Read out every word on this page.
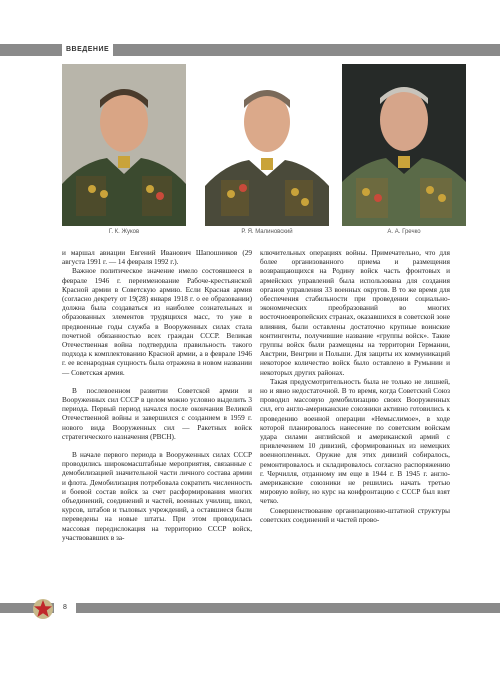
ВВЕДЕНИЕ
Г. К. Жуков	Р. Я. Малиновский	А. А. Гречко

и маршал авиации Евгений Иванович Шапошников (29 августа 1991 г. — 14 февраля 1992 г.).

Важное политическое значение имело состоявшееся в феврале 1946 г. переименование Рабоче-крестьянской Красной армии в Советскую армию. Если Красная армия (согласно декрету от 19(28) января 1918 г. о ее образовании) должна была создаваться из наиболее сознательных и образованных элементов трудящихся масс, то уже в предвоенные годы служба в Вооруженных силах стала почетной обязанностью всех граждан СССР. Великая Отечественная война подтвердила правильность такого подхода к комплектованию Красной армии, а в феврале 1946 г. ее всенародная сущность была отражена в новом названии — Советская армия.

В послевоенном развитии Советской армии и Вооруженных сил СССР в целом можно условно выделить 3 периода. Первый период начался после окончания Великой Отечественной войны и завершился с созданием в 1959 г. нового вида Вооруженных сил — Ракетных войск стратегического назначения (РВСН).

В начале первого периода в Вооруженных силах СССР проводились широкомасштабные мероприятия, связанные с демобилизацией значительной части личного состава армии и флота. Демобилизация потребовала сократить численность и боевой состав войск за счет расформирования многих объединений, соединений и частей, военных училищ, школ, курсов, штабов и тыловых учреждений, а оставшиеся были переведены на новые штаты. При этом проводилась массовая передислокация на территорию СССР войск, участвовавших в за-

ключительных операциях войны. Примечательно, что для более организованного приема и размещения возвращающихся на Родину войск часть фронтовых и армейских управлений была использована для создания органов управления 33 военных округов. В то же время для обеспечения стабильности при проведении социально-экономических преобразований во многих восточноевропейских странах, оказавшихся в советской зоне влияния, были оставлены достаточно крупные воинские контингенты, получившие название «группы войск». Такие группы войск были размещены на территории Германии, Австрии, Венгрии и Польши. Для защиты их коммуникаций некоторое количество войск было оставлено в Румынии и некоторых других районах.

Такая предусмотрительность была не только не лишней, но и явно недостаточной. В то время, когда Советский Союз проводил массовую демобилизацию своих Вооруженных сил, его англо-американские союзники активно готовились к проведению военной операции «Немыслимое», в ходе которой планировалось нанесение по советским войскам удара силами английской и американской армий с привлечением 10 дивизий, сформированных из немецких военнопленных. Оружие для этих дивизий собиралось, ремонтировалось и складировалось согласно распоряжению г. Черчилля, отданному им еще в 1944 г. В 1945 г. англо-американские союзники не решились начать третью мировую войну, но курс на конфронтацию с СССР был взят четко.

Совершенствование организационно-штатной структуры советских соединений и частей прово-

8
